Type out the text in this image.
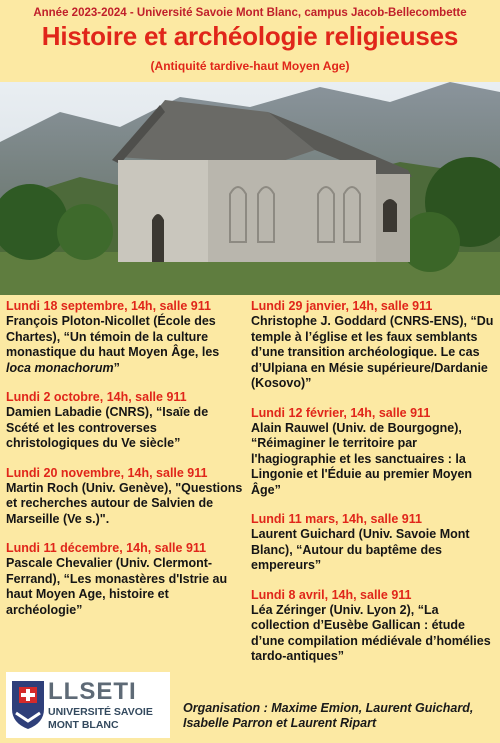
Année 2023-2024 - Université Savoie Mont Blanc, campus Jacob-Bellecombette
Histoire et archéologie religieuses
(Antiquité tardive-haut Moyen Age)
Lundi 18 septembre, 14h, salle 911
François Ploton-Nicollet (École des Chartes), “Un témoin de la culture monastique du haut Moyen Âge, les loca monachorum”
Lundi 2 octobre, 14h, salle 911
Damien Labadie (CNRS), “Isaïe de Scété et les controverses christologiques du Ve siècle”
Lundi 20 novembre, 14h, salle 911
Martin Roch (Univ. Genève), "Questions et recherches autour de Salvien de Marseille (Ve s.)".
Lundi 11 décembre, 14h, salle 911
Pascale Chevalier (Univ. Clermont-Ferrand), “Les monastères d'Istrie au haut Moyen Age, histoire et archéologie”
Lundi 29 janvier, 14h, salle 911
Christophe J. Goddard (CNRS-ENS), “Du temple à l’église et les faux semblants d’une transition archéologique. Le cas d’Ulpiana en Mésie supérieure/Dardanie (Kosovo)”
Lundi 12 février, 14h, salle 911
Alain Rauwel (Univ. de Bourgogne), “Réimaginer le territoire par l'hagiographie et les sanctuaires : la Lingonie et l'Éduie au premier Moyen Âge”
Lundi 11 mars, 14h, salle 911
Laurent Guichard (Univ. Savoie Mont Blanc), “Autour du baptême des empereurs”
Lundi 8 avril, 14h, salle 911
Léa Zéringer (Univ. Lyon 2), “La collection d’Eusèbe Gallican : étude d’une compilation médiévale d’homélies tardo-antiques”
LLSETI
UNIVERSITÉ SAVOIE
MONT BLANC
Organisation : Maxime Emion, Laurent Guichard, Isabelle Parron et Laurent Ripart
